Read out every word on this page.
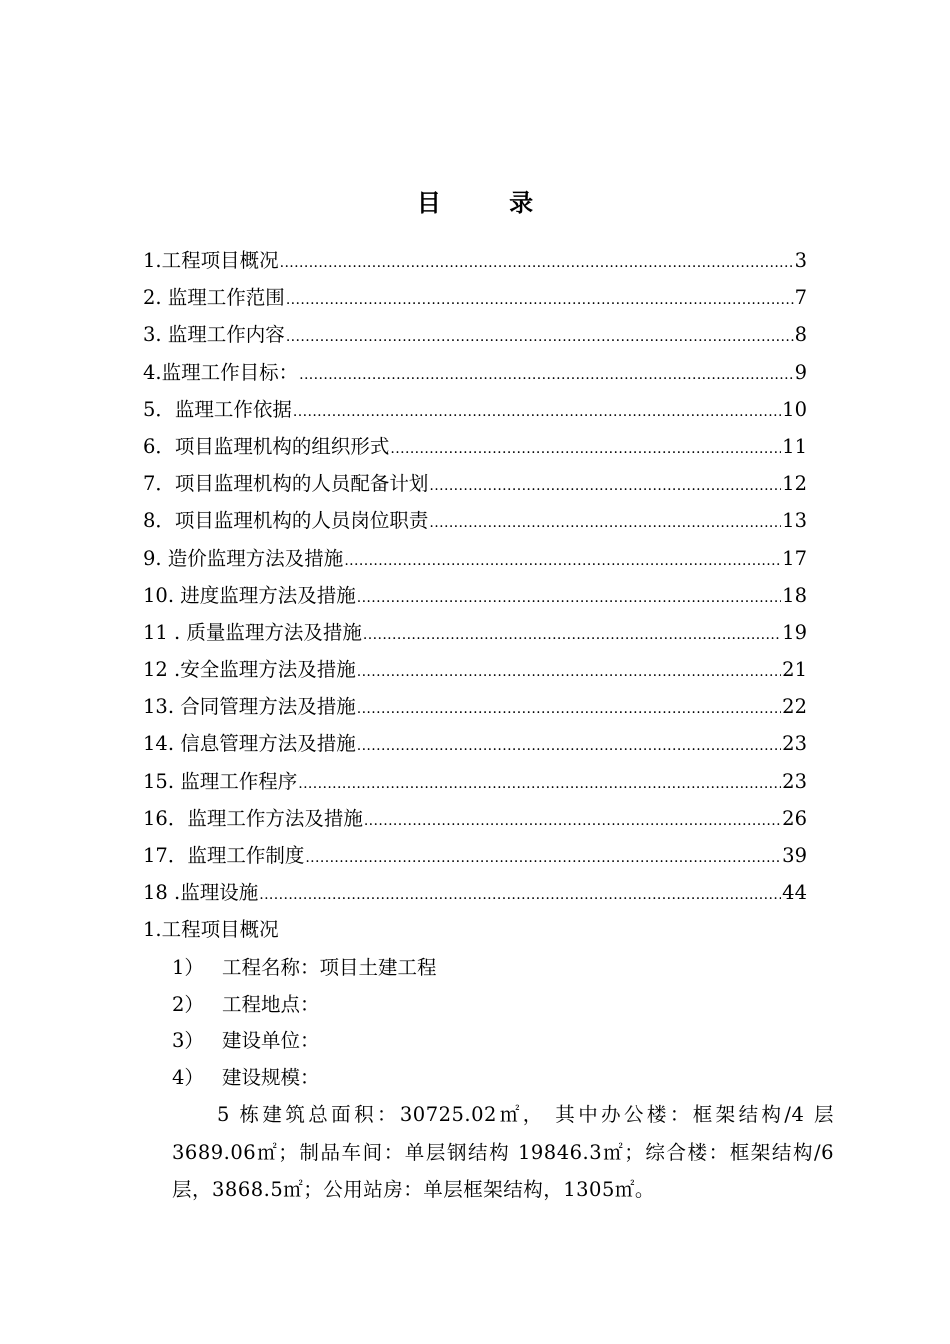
目 录
1.工程项目概况 .....	3
2. 监理工作范围 .....	7
3. 监理工作内容 .....	8
4.监理工作目标： .....	9
5．监理工作依据 .....	10
6．项目监理机构的组织形式 .....	11
7．项目监理机构的人员配备计划 .....	12
8．项目监理机构的人员岗位职责 .....	13
9. 造价监理方法及措施 .....	17
10. 进度监理方法及措施 .....	18
11 . 质量监理方法及措施 .....	19
12 .安全监理方法及措施 .....	21
13. 合同管理方法及措施 .....	22
14. 信息管理方法及措施 .....	23
15. 监理工作程序 .....	23
16．监理工作方法及措施 .....	26
17．监理工作制度 .....	39
18 .监理设施 .....	44
1.工程项目概况
1） 工程名称：项目土建工程
2） 工程地点：
3） 建设单位：
4） 建设规模：
5 栋建筑总面积：30725.02㎡， 其中办公楼：框架结构/4 层 3689.06㎡；制品车间：单层钢结构 19846.3㎡；综合楼：框架结构/6 层，3868.5㎡；公用站房：单层框架结构，1305㎡。
